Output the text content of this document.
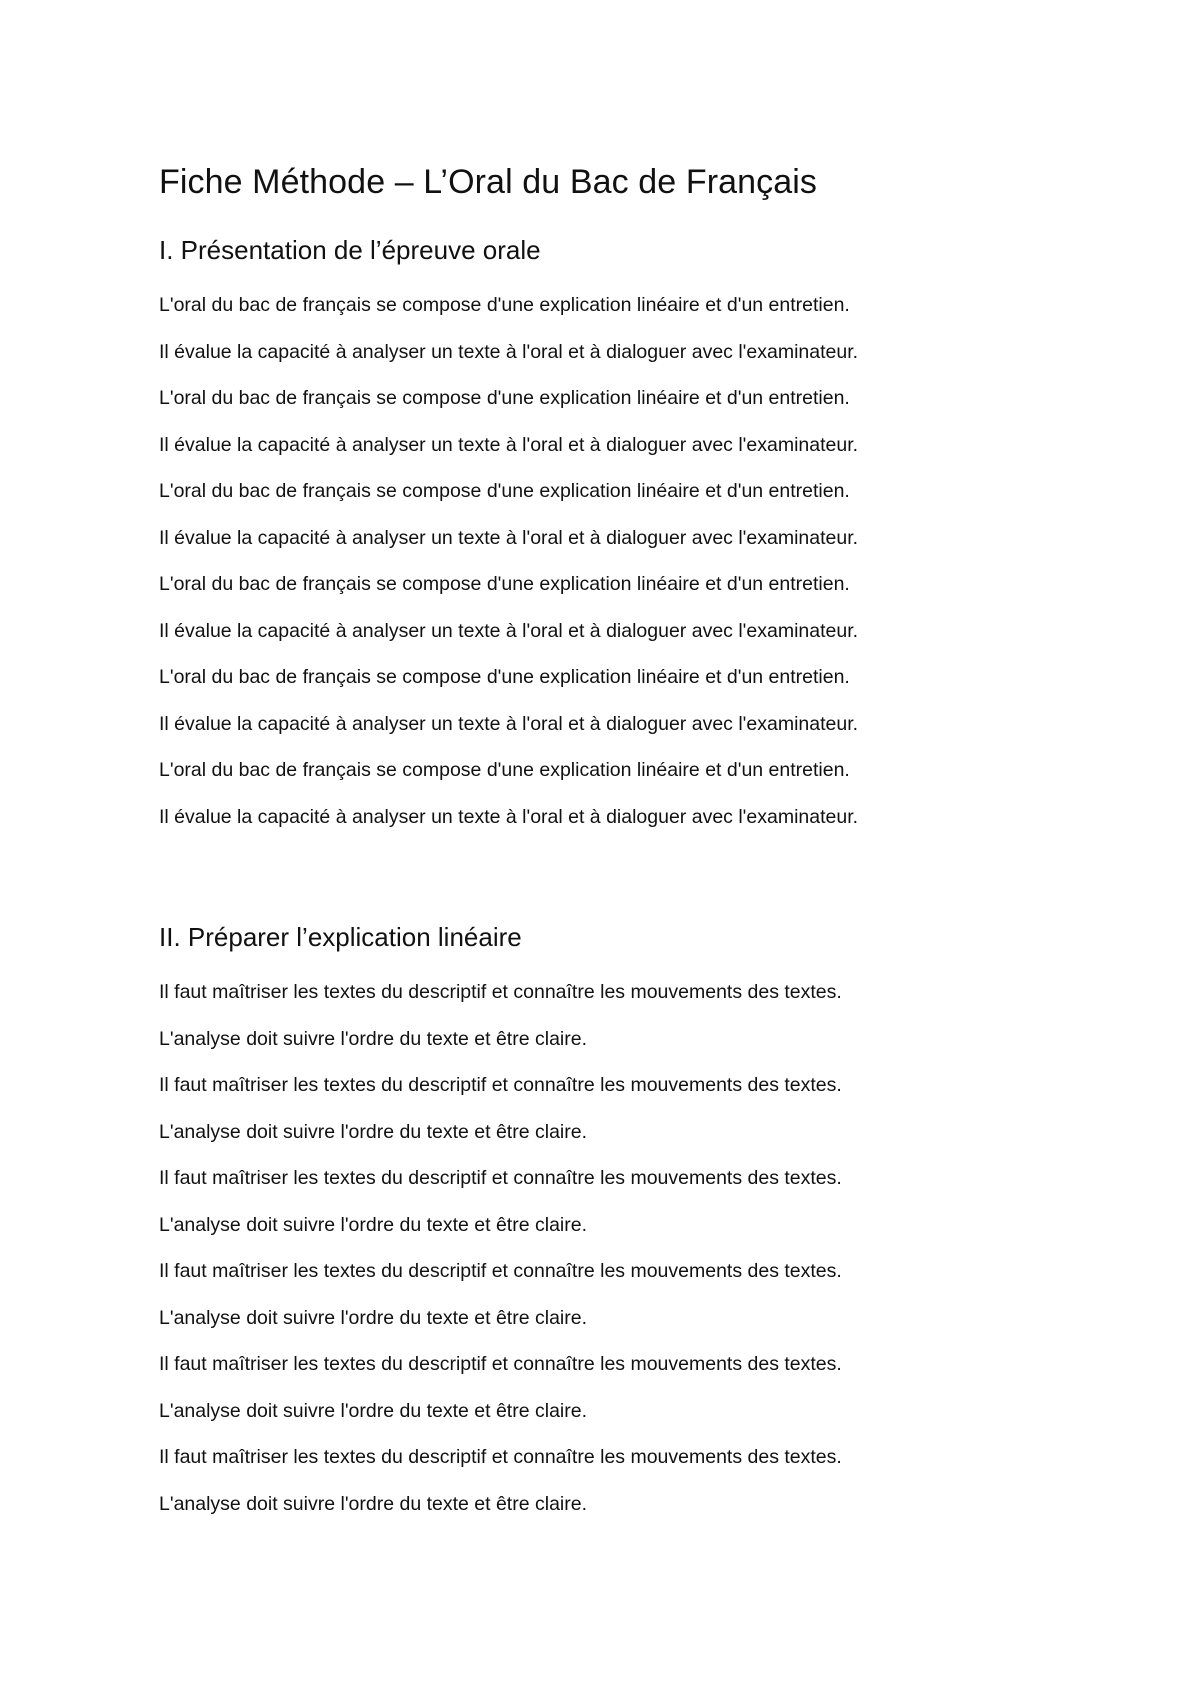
Fiche Méthode – L’Oral du Bac de Français
I. Présentation de l’épreuve orale
L'oral du bac de français se compose d'une explication linéaire et d'un entretien.
Il évalue la capacité à analyser un texte à l'oral et à dialoguer avec l'examinateur.
L'oral du bac de français se compose d'une explication linéaire et d'un entretien.
Il évalue la capacité à analyser un texte à l'oral et à dialoguer avec l'examinateur.
L'oral du bac de français se compose d'une explication linéaire et d'un entretien.
Il évalue la capacité à analyser un texte à l'oral et à dialoguer avec l'examinateur.
L'oral du bac de français se compose d'une explication linéaire et d'un entretien.
Il évalue la capacité à analyser un texte à l'oral et à dialoguer avec l'examinateur.
L'oral du bac de français se compose d'une explication linéaire et d'un entretien.
Il évalue la capacité à analyser un texte à l'oral et à dialoguer avec l'examinateur.
L'oral du bac de français se compose d'une explication linéaire et d'un entretien.
Il évalue la capacité à analyser un texte à l'oral et à dialoguer avec l'examinateur.
II. Préparer l’explication linéaire
Il faut maîtriser les textes du descriptif et connaître les mouvements des textes.
L'analyse doit suivre l'ordre du texte et être claire.
Il faut maîtriser les textes du descriptif et connaître les mouvements des textes.
L'analyse doit suivre l'ordre du texte et être claire.
Il faut maîtriser les textes du descriptif et connaître les mouvements des textes.
L'analyse doit suivre l'ordre du texte et être claire.
Il faut maîtriser les textes du descriptif et connaître les mouvements des textes.
L'analyse doit suivre l'ordre du texte et être claire.
Il faut maîtriser les textes du descriptif et connaître les mouvements des textes.
L'analyse doit suivre l'ordre du texte et être claire.
Il faut maîtriser les textes du descriptif et connaître les mouvements des textes.
L'analyse doit suivre l'ordre du texte et être claire.
